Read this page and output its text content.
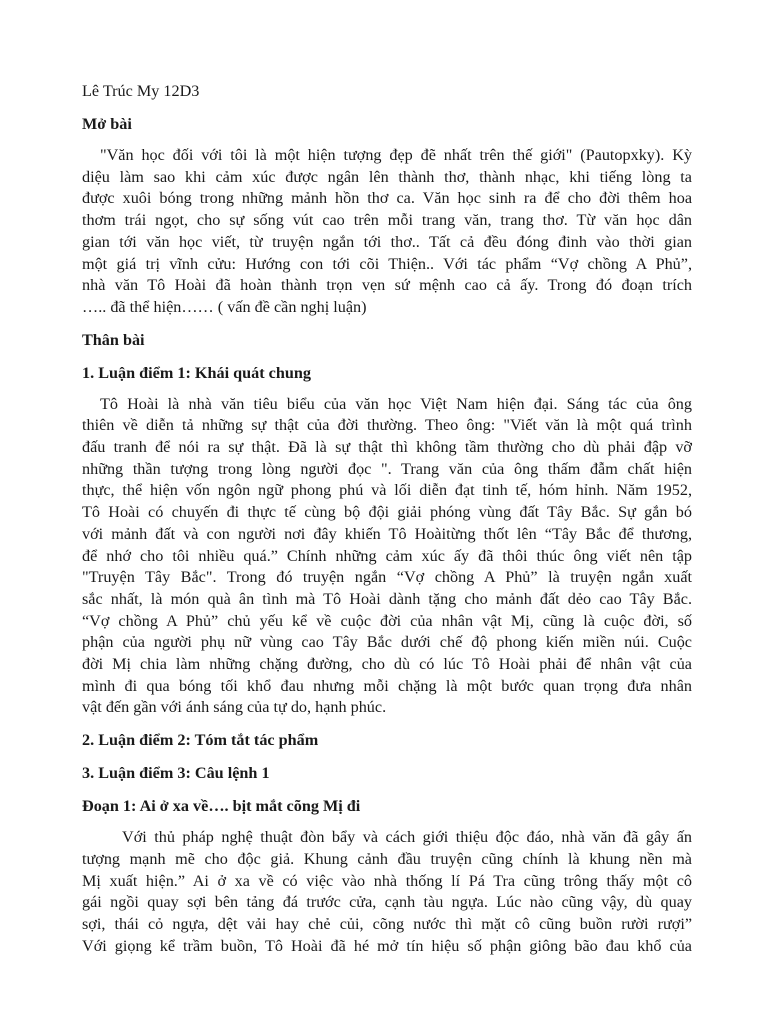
Lê Trúc My 12D3
Mở bài
"Văn học đối với tôi là một hiện tượng đẹp đẽ nhất trên thế giới" (Pautopxky). Kỳ
diệu làm sao khi cảm xúc được ngân lên thành thơ, thành nhạc, khi tiếng lòng ta
được xuôi bóng trong những mảnh hồn thơ ca. Văn học sinh ra để cho đời thêm hoa
thơm trái ngọt, cho sự sống vút cao trên mỗi trang văn, trang thơ. Từ văn học dân
gian tới văn học viết, từ truyện ngắn tới thơ.. Tất cả đều đóng đinh vào thời gian
một giá trị vĩnh cửu: Hướng con tới cõi Thiện.. Với tác phẩm “Vợ chồng A Phủ”,
nhà văn Tô Hoài đã hoàn thành trọn vẹn sứ mệnh cao cả ấy. Trong đó đoạn trích
….. đã thể hiện…… ( vấn đề cần nghị luận)
Thân bài
1. Luận điểm 1: Khái quát chung
Tô Hoài là nhà văn tiêu biểu của văn học Việt Nam hiện đại. Sáng tác của ông
thiên về diễn tả những sự thật của đời thường. Theo ông: "Viết văn là một quá trình
đấu tranh để nói ra sự thật. Đã là sự thật thì không tầm thường cho dù phải đập vỡ
những thần tượng trong lòng người đọc ". Trang văn của ông thấm đẫm chất hiện
thực, thể hiện vốn ngôn ngữ phong phú và lối diễn đạt tinh tế, hóm hỉnh. Năm 1952,
Tô Hoài có chuyến đi thực tế cùng bộ đội giải phóng vùng đất Tây Bắc. Sự gắn bó
với mảnh đất và con người nơi đây khiến Tô Hoàitừng thốt lên “Tây Bắc để thương,
để nhớ cho tôi nhiều quá.” Chính những cảm xúc ấy đã thôi thúc ông viết nên tập
"Truyện Tây Bắc". Trong đó truyện ngắn “Vợ chồng A Phủ” là truyện ngắn xuất
sắc nhất, là món quà ân tình mà Tô Hoài dành tặng cho mảnh đất dẻo cao Tây Bắc.
“Vợ chồng A Phủ” chủ yếu kể về cuộc đời của nhân vật Mị, cũng là cuộc đời, số
phận của người phụ nữ vùng cao Tây Bắc dưới chế độ phong kiến miền núi. Cuộc
đời Mị chia làm những chặng đường, cho dù có lúc Tô Hoài phải để nhân vật của
mình đi qua bóng tối khổ đau nhưng mỗi chặng là một bước quan trọng đưa nhân
vật đến gần với ánh sáng của tự do, hạnh phúc.
2. Luận điểm 2: Tóm tắt tác phẩm
3. Luận điểm 3: Câu lệnh 1
Đoạn 1: Ai ở xa về…. bịt mắt cõng Mị đi
Với thủ pháp nghệ thuật đòn bẩy và cách giới thiệu độc đáo, nhà văn đã gây ấn
tượng mạnh mẽ cho độc giả. Khung cảnh đầu truyện cũng chính là khung nền mà
Mị xuất hiện.” Ai ở xa về có việc vào nhà thống lí Pá Tra cũng trông thấy một cô
gái ngồi quay sợi bên tảng đá trước cửa, cạnh tàu ngựa. Lúc nào cũng vậy, dù quay
sợi, thái cỏ ngựa, dệt vải hay chẻ củi, cõng nước thì mặt cô cũng buồn rười rượi”
Với giọng kể trầm buồn, Tô Hoài đã hé mở tín hiệu số phận giông bão đau khổ của
